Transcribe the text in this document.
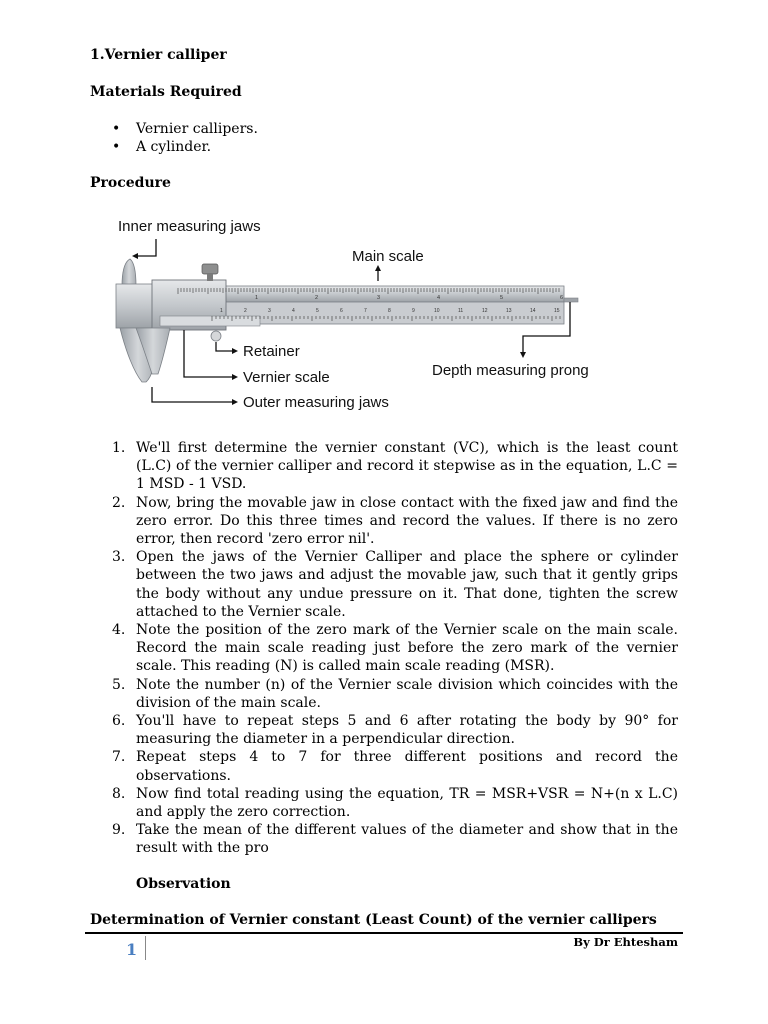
1.Vernier calliper
Materials Required
• Vernier callipers.
• A cylinder.
Procedure
Inner measuring jaws
Main scale
1	2	3	4	5	6
1	2	3	4	5	6	7	8	9	10	11	12	13	14	15
Retainer
Vernier scale
Outer measuring jaws
Depth measuring prong
1. We'll first determine the vernier constant (VC), which is the least count (L.C) of the vernier calliper and record it stepwise as in the equation, L.C = 1 MSD - 1 VSD.
2. Now, bring the movable jaw in close contact with the fixed jaw and find the zero error. Do this three times and record the values. If there is no zero error, then record 'zero error nil'.
3. Open the jaws of the Vernier Calliper and place the sphere or cylinder between the two jaws and adjust the movable jaw, such that it gently grips the body without any undue pressure on it. That done, tighten the screw attached to the Vernier scale.
4. Note the position of the zero mark of the Vernier scale on the main scale. Record the main scale reading just before the zero mark of the vernier scale. This reading (N) is called main scale reading (MSR).
5. Note the number (n) of the Vernier scale division which coincides with the division of the main scale.
6. You'll have to repeat steps 5 and 6 after rotating the body by 90° for measuring the diameter in a perpendicular direction.
7. Repeat steps 4 to 7 for three different positions and record the observations.
8. Now find total reading using the equation, TR = MSR+VSR = N+(n x L.C) and apply the zero correction.
9. Take the mean of the different values of the diameter and show that in the result with the pro
Observation
Determination of Vernier constant (Least Count) of the vernier callipers
1	By Dr Ehtesham
